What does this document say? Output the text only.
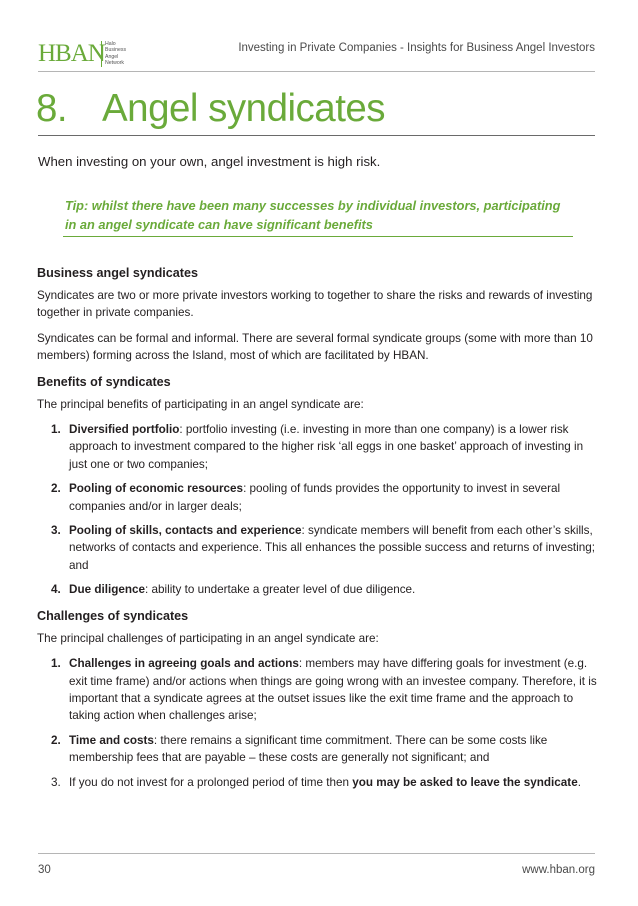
HBAN Halo
Business
Angel
Network
Investing in Private Companies - Insights for Business Angel Investors
8. Angel syndicates
When investing on your own, angel investment is high risk.

Tip: whilst there have been many successes by individual investors, participating

in an angel syndicate can have significant benefits

Business angel syndicates

Syndicates are two or more private investors working to together to share the risks and rewards of investing together in private companies.

Syndicates can be formal and informal. There are several formal syndicate groups (some with more than 10 members) forming across the Island, most of which are facilitated by HBAN.

Benefits of syndicates

The principal benefits of participating in an angel syndicate are:

1. Diversified portfolio: portfolio investing (i.e. investing in more than one company) is a lower risk approach to investment compared to the higher risk ‘all eggs in one basket’ approach of investing in just one or two companies;
2. Pooling of economic resources: pooling of funds provides the opportunity to invest in several companies and/or in larger deals;
3. Pooling of skills, contacts and experience: syndicate members will benefit from each other’s skills, networks of contacts and experience. This all enhances the possible success and returns of investing; and
4. Due diligence: ability to undertake a greater level of due diligence.
Challenges of syndicates

The principal challenges of participating in an angel syndicate are:

1. Challenges in agreeing goals and actions: members may have differing goals for investment (e.g. exit time frame) and/or actions when things are going wrong with an investee company. Therefore, it is important that a syndicate agrees at the outset issues like the exit time frame and the approach to taking action when challenges arise;
2. Time and costs: there remains a significant time commitment. There can be some costs like membership fees that are payable – these costs are generally not significant; and
3. If you do not invest for a prolonged period of time then you may be asked to leave the syndicate.
30	www.hban.org
